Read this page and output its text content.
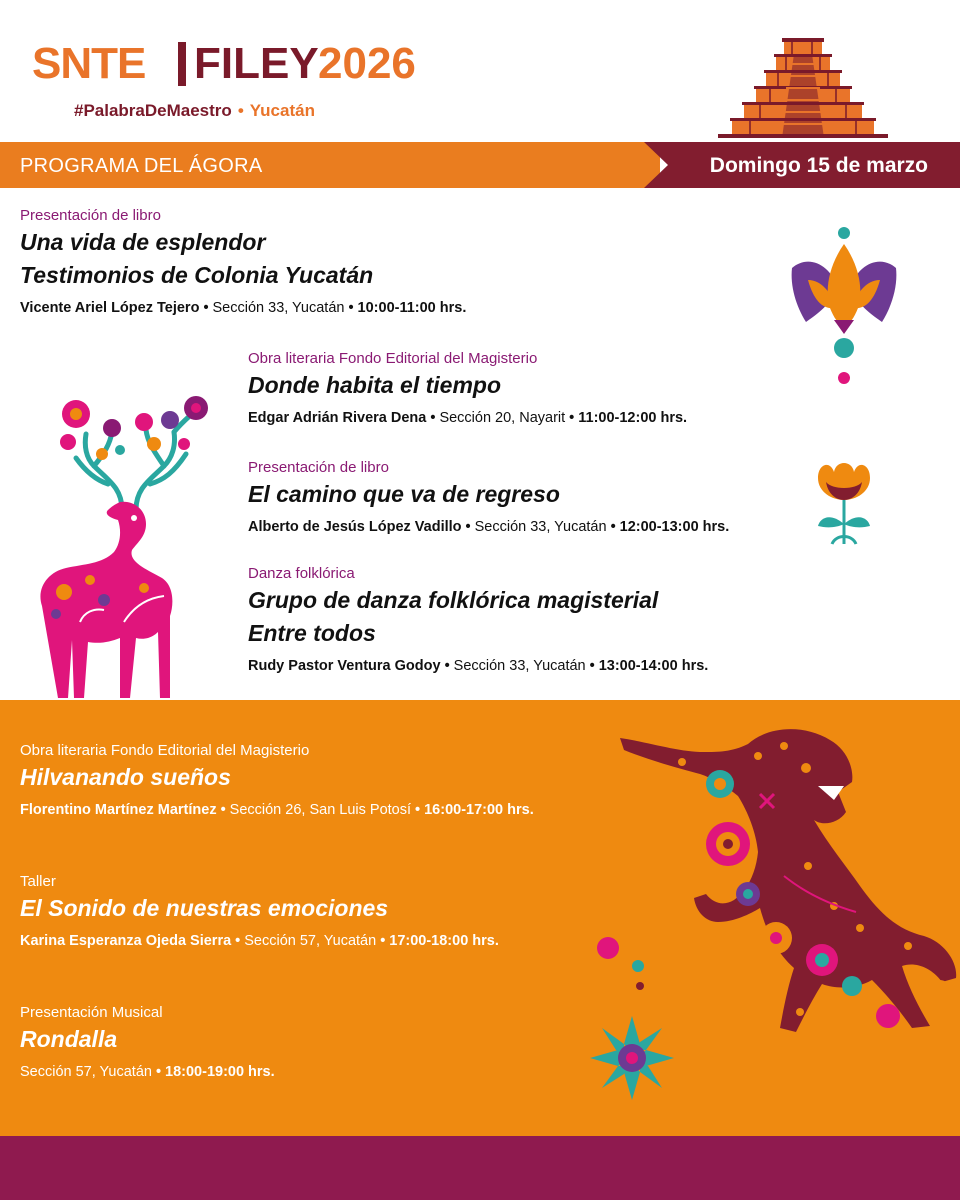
SNTE FILEY 2026
#PalabraDeMaestro • Yucatán
PROGRAMA DEL ÁGORA	Domingo 15 de marzo
Presentación de libro
Una vida de esplendor
Testimonios de Colonia Yucatán
Vicente Ariel López Tejero • Sección 33, Yucatán • 10:00-11:00 hrs.
Obra literaria Fondo Editorial del Magisterio
Donde habita el tiempo
Edgar Adrián Rivera Dena • Sección 20, Nayarit • 11:00-12:00 hrs.
Presentación de libro
El camino que va de regreso
Alberto de Jesús López Vadillo • Sección 33, Yucatán • 12:00-13:00 hrs.
Danza folklórica
Grupo de danza folklórica magisterial
Entre todos
Rudy Pastor Ventura Godoy • Sección 33, Yucatán • 13:00-14:00 hrs.
Obra literaria Fondo Editorial del Magisterio
Hilvanando sueños
Florentino Martínez Martínez • Sección 26, San Luis Potosí • 16:00-17:00 hrs.
Taller
El Sonido de nuestras emociones
Karina Esperanza Ojeda Sierra • Sección 57, Yucatán • 17:00-18:00 hrs.
Presentación Musical
Rondalla
Sección 57, Yucatán • 18:00-19:00 hrs.
